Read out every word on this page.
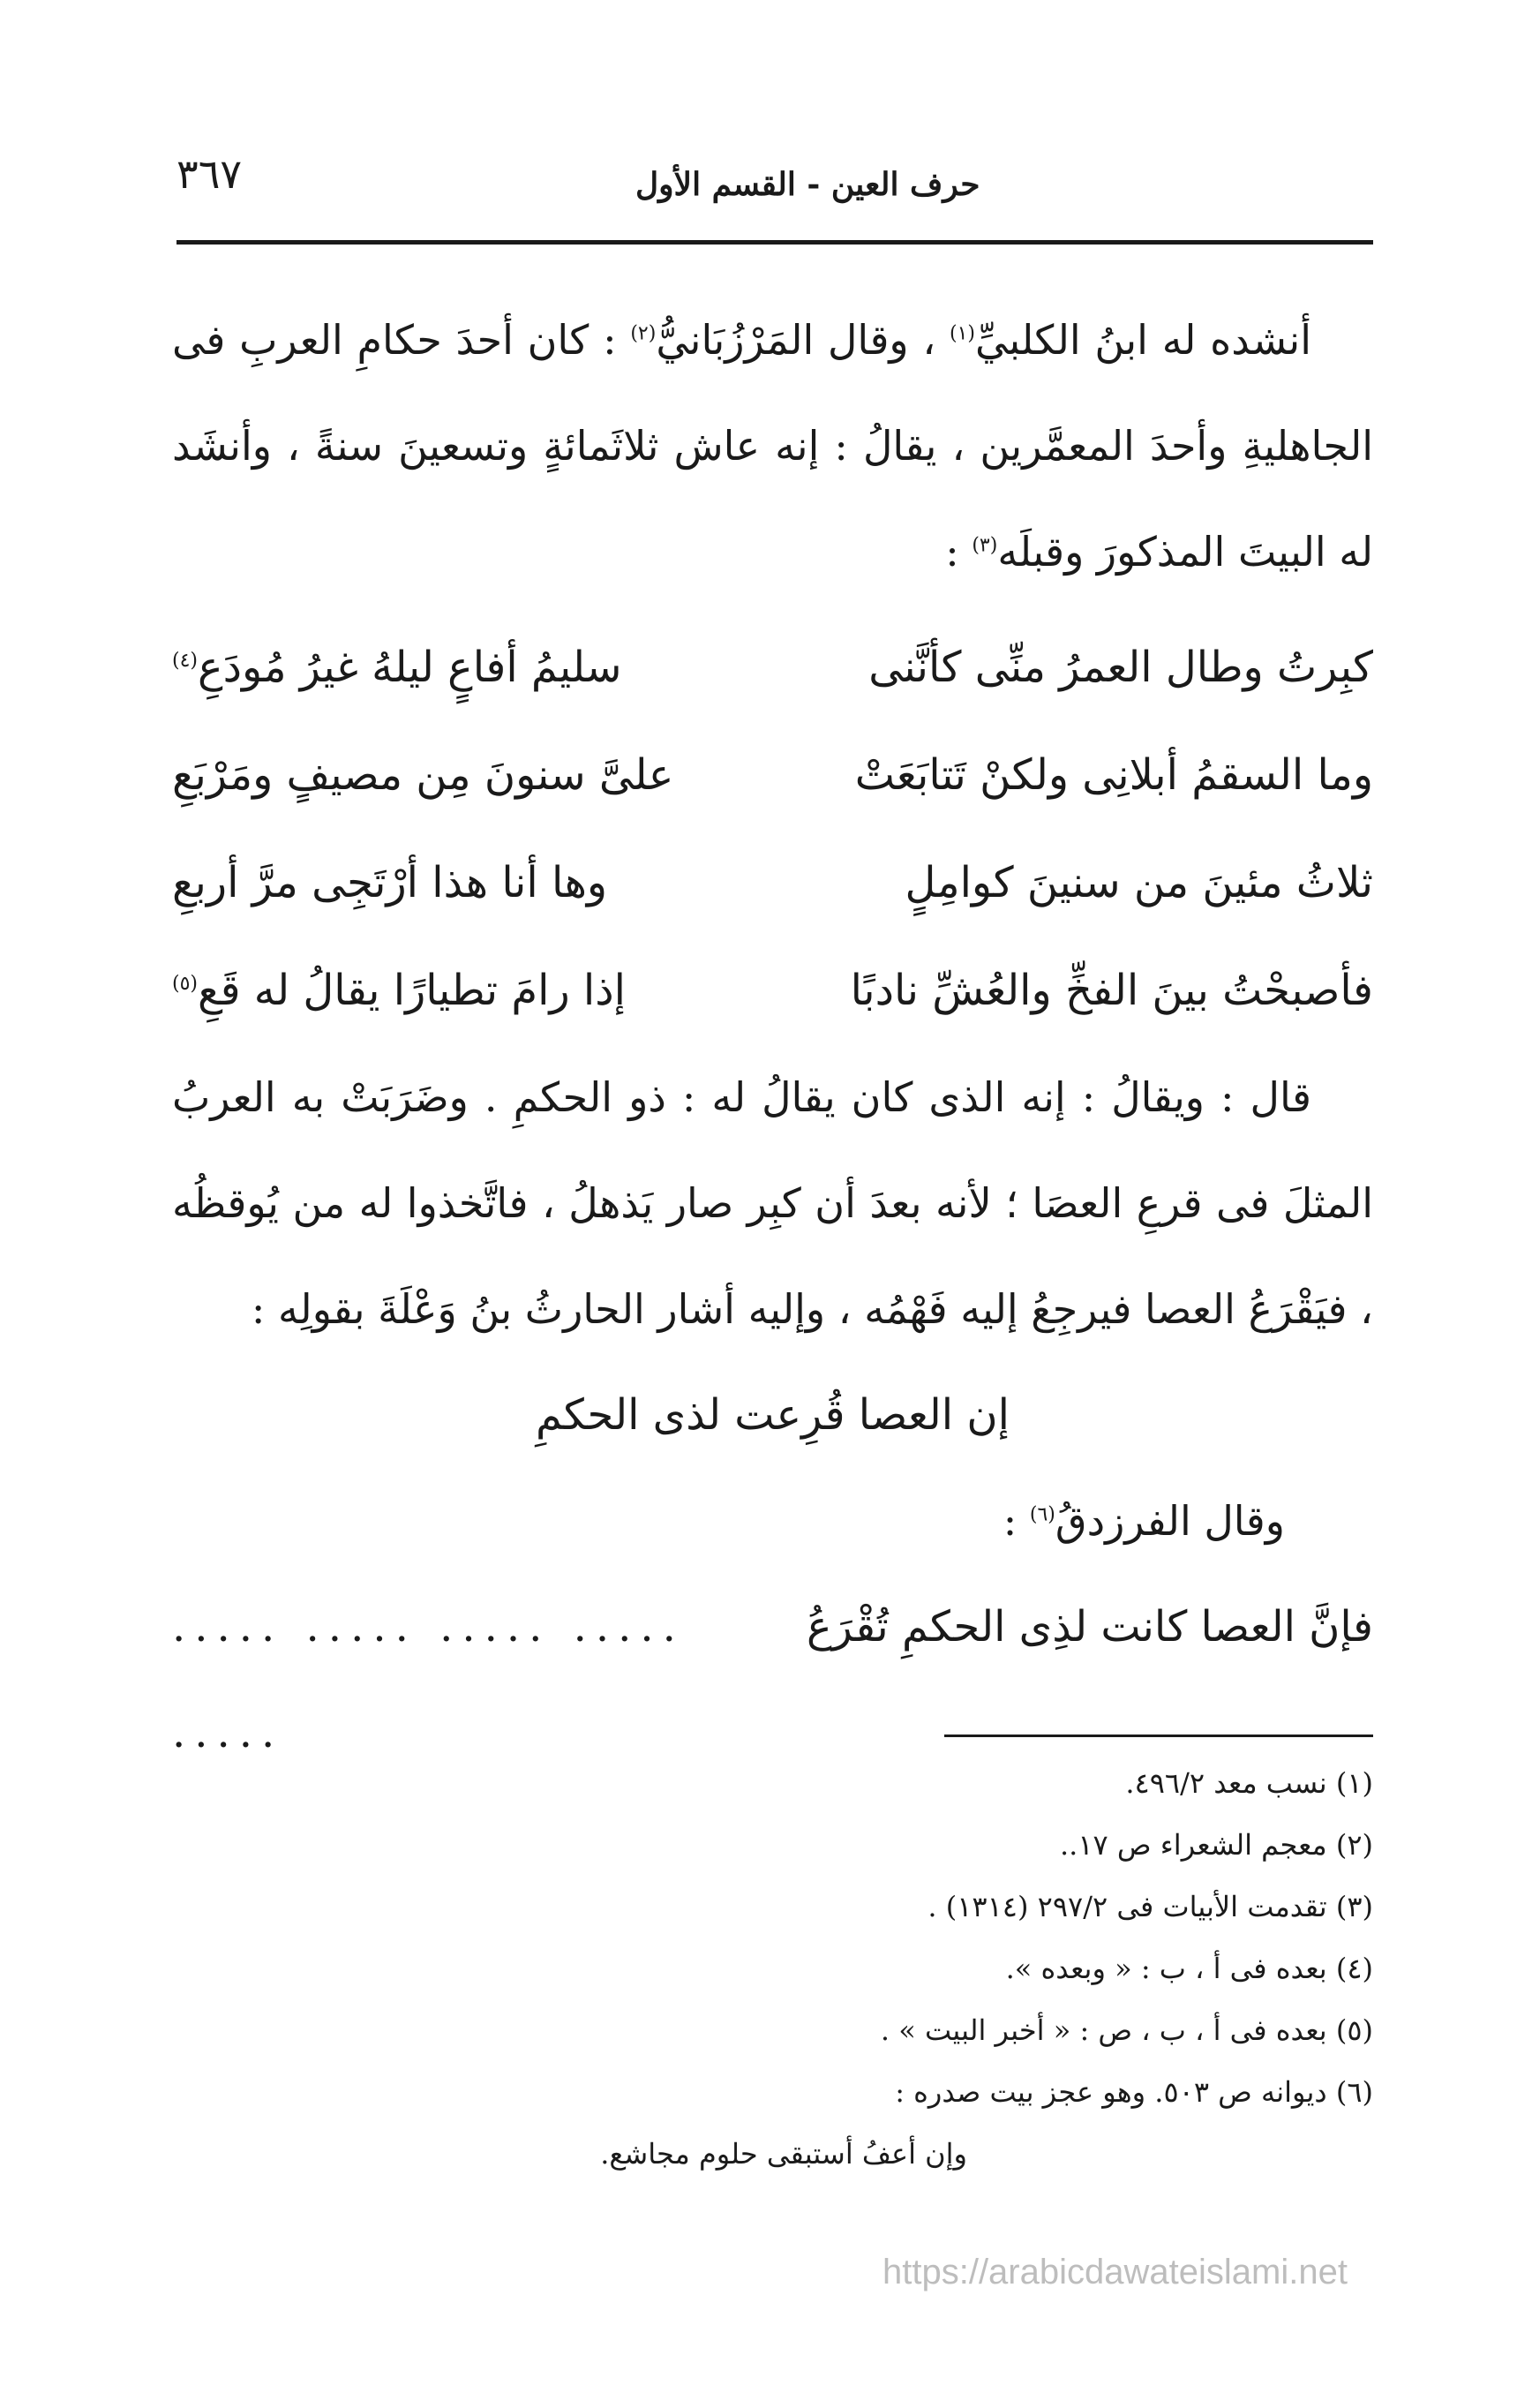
٣٦٧	حرف العين - القسم الأول

أنشده له ابنُ الكلبيِّ$^{(١)}$ ، وقال المَرْزُبَانيُّ$^{(٢)}$ : كان أحدَ حكامِ العربِ فى الجاهليةِ وأحدَ المعمَّرين ، يقالُ : إنه عاش ثلاثَمائةٍ وتسعينَ سنةً ، وأنشَد له البيتَ المذكورَ وقبلَه$^{(٣)}$ :

كبِرتُ وطال العمرُ منِّى كأنَّنى
سليمُ أفاعٍ ليلهُ غيرُ مُودَعِ$^{(٤)}$
وما السقمُ أبلانِى ولكنْ تَتابَعَتْ
علىَّ سنونَ مِن مصيفٍ ومَرْبَعِ
ثلاثُ مئينَ من سنينَ كوامِلٍ
وها أنا هذا أرْتَجِى مرَّ أربعِ
فأصبحْتُ بينَ الفخِّ والعُشِّ نادبًا
إذا رامَ تطيارًا يقالُ له قَعِ$^{(٥)}$

قال : ويقالُ : إنه الذى كان يقالُ له : ذو الحكمِ . وضَرَبَتْ به العربُ المثلَ فى قرعِ العصَا ؛ لأنه بعدَ أن كبِر صار يَذهلُ ، فاتَّخذوا له من يُوقظُه ، فيَقْرَعُ العصا فيرجِعُ إليه فَهْمُه ، وإليه أشار الحارثُ بنُ وَعْلَةَ بقولِه :

إن العصا قُرِعت لذى الحكمِ

وقال الفرزدقُ$^{(٦)}$ :

فإنَّ العصا كانت لذِى الحكمِ تُقْرَعُ
..... ..... ..... ..... .....

(١) نسب معد ٤٩٦/٢.

(٢) معجم الشعراء ص ١٧..

(٣) تقدمت الأبيات فى ٢٩٧/٢ (١٣١٤) .

(٤) بعده فى أ ، ب : « وبعده ».

(٥) بعده فى أ ، ب ، ص : « أخبر البيت » .

(٦) ديوانه ص ٥٠٣. وهو عجز بيت صدره :

وإن أعفُ أستبقى حلوم مجاشع.

https://arabicdawateislami.net
